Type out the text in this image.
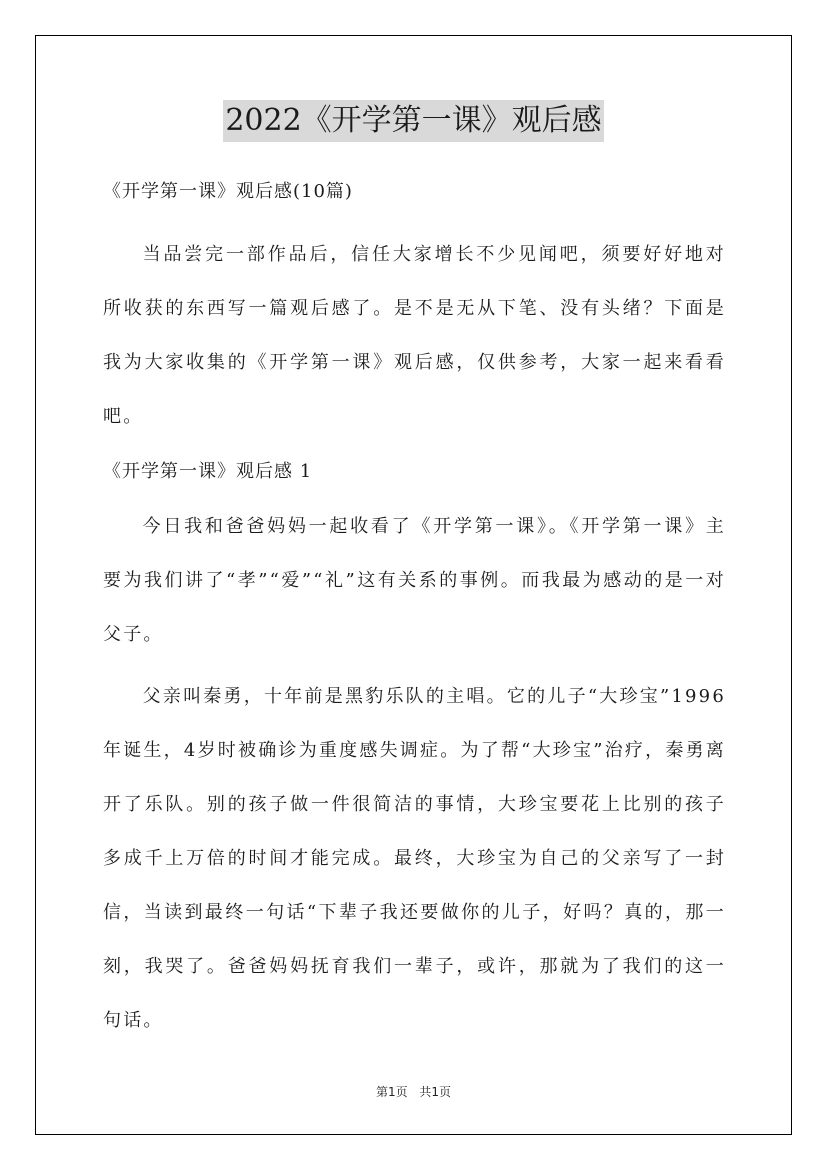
2022《开学第一课》观后感

《开学第一课》观后感(10篇)

当品尝完一部作品后，信任大家增长不少见闻吧，须要好好地对所收获的东西写一篇观后感了。是不是无从下笔、没有头绪？下面是我为大家收集的《开学第一课》观后感，仅供参考，大家一起来看看吧。

《开学第一课》观后感 1

今日我和爸爸妈妈一起收看了《开学第一课》。《开学第一课》主要为我们讲了“孝”“爱”“礼”这有关系的事例。而我最为感动的是一对父子。

父亲叫秦勇，十年前是黑豹乐队的主唱。它的儿子“大珍宝”1996年诞生，4岁时被确诊为重度感失调症。为了帮“大珍宝”治疗，秦勇离开了乐队。别的孩子做一件很简洁的事情，大珍宝要花上比别的孩子多成千上万倍的时间才能完成。最终，大珍宝为自己的父亲写了一封信，当读到最终一句话“下辈子我还要做你的儿子，好吗？真的，那一刻，我哭了。爸爸妈妈抚育我们一辈子，或许，那就为了我们的这一句话。

第1页 共1页
